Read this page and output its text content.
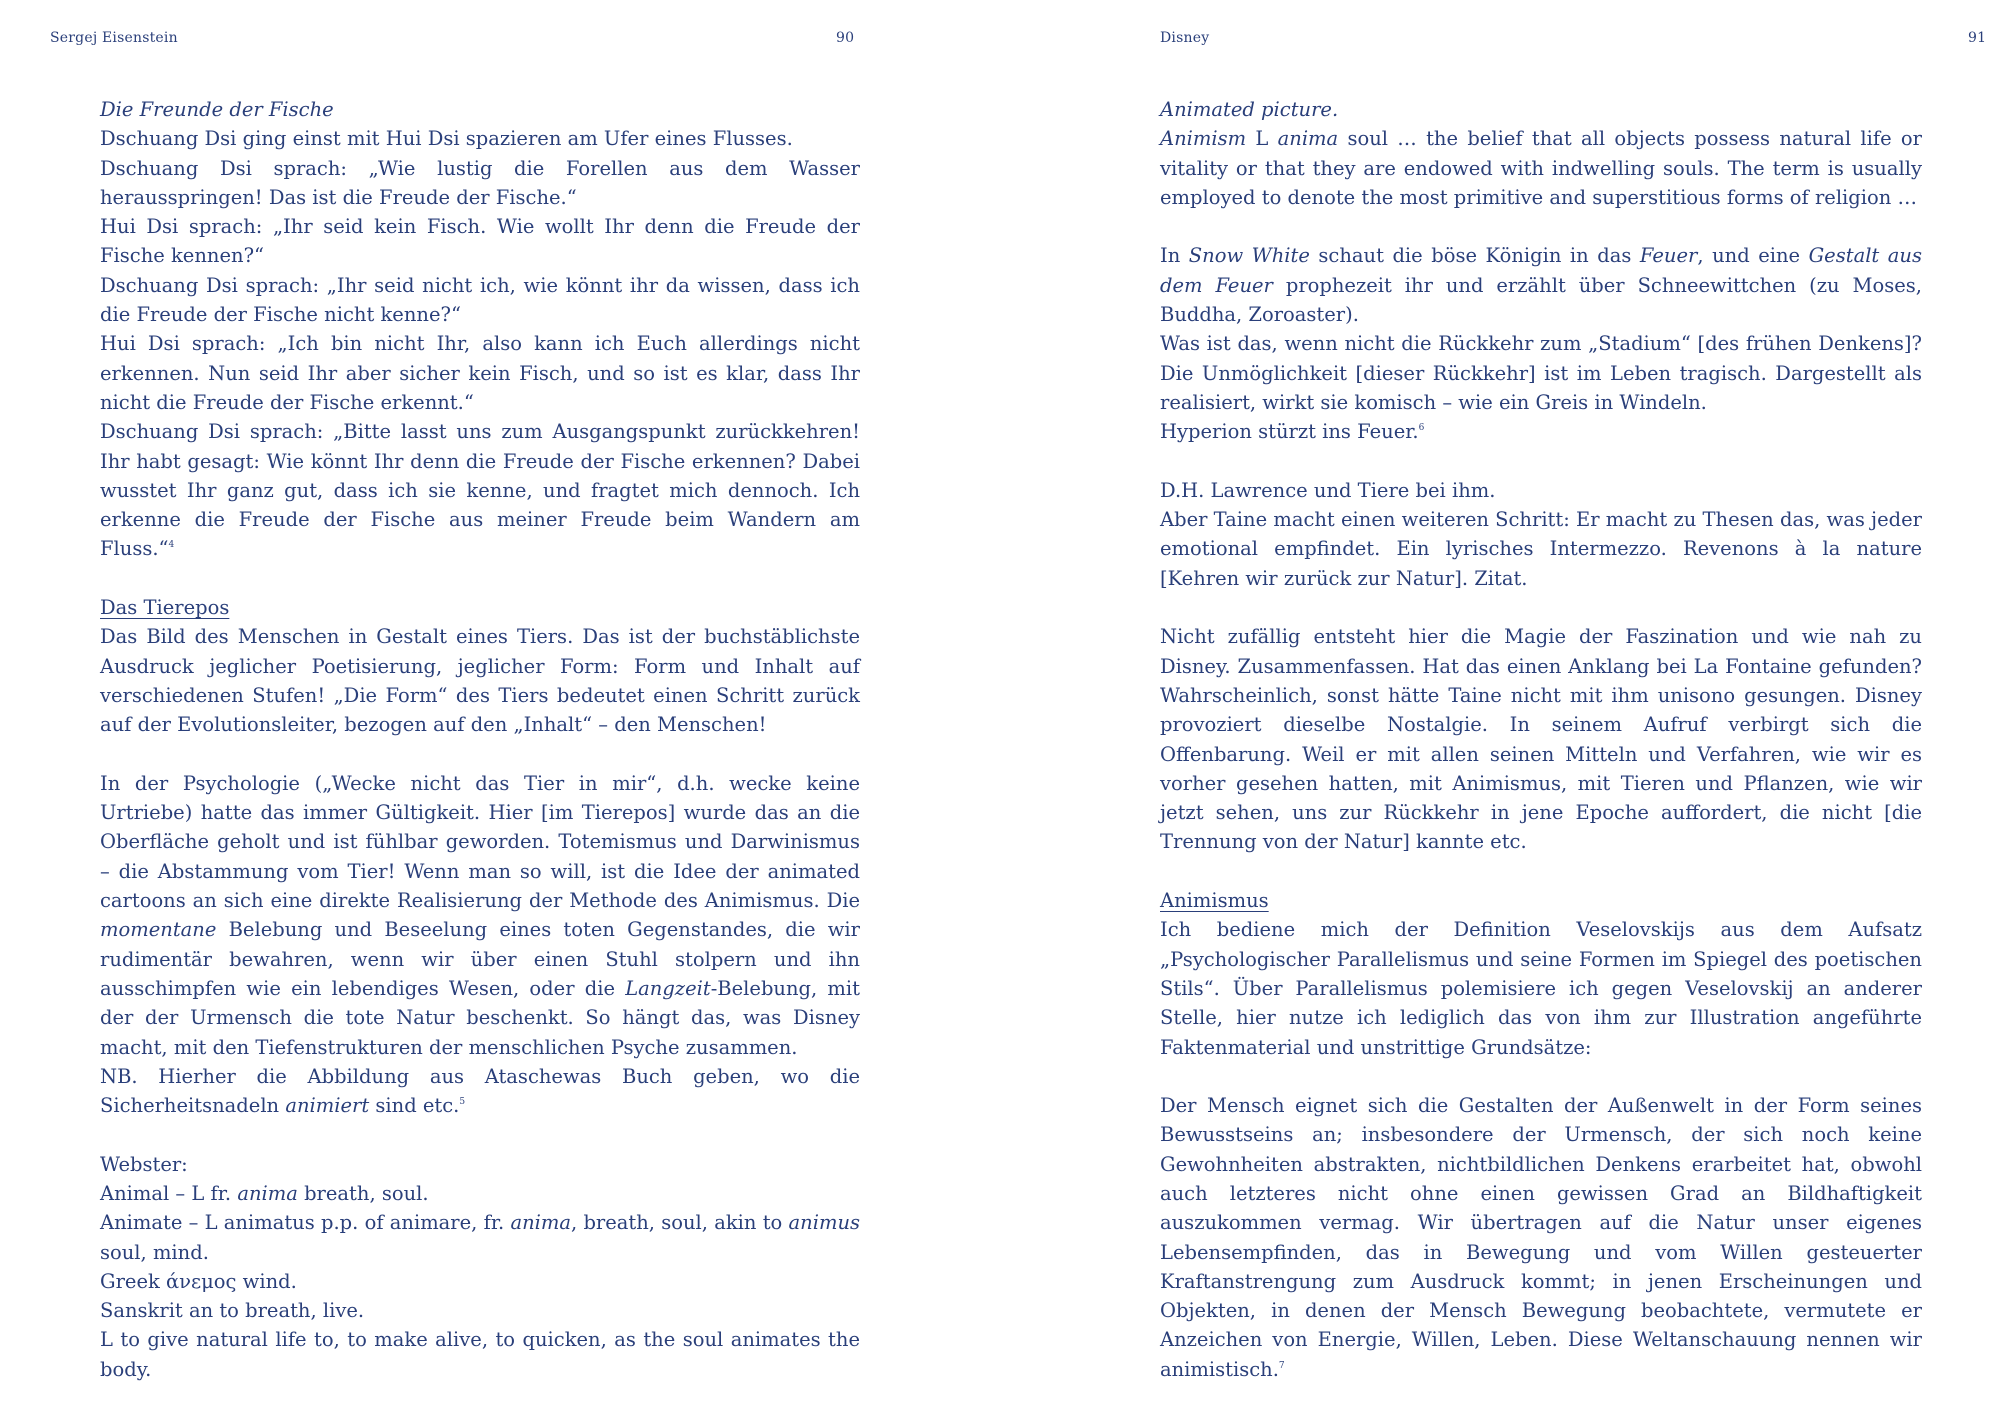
Sergej Eisenstein	90
Die Freunde der Fische
Dschuang Dsi ging einst mit Hui Dsi spazieren am Ufer eines Flusses.
Dschuang Dsi sprach: „Wie lustig die Forellen aus dem Wasser herausspringen! Das ist die Freude der Fische.“
Hui Dsi sprach: „Ihr seid kein Fisch. Wie wollt Ihr denn die Freude der Fische kennen?“
Dschuang Dsi sprach: „Ihr seid nicht ich, wie könnt ihr da wissen, dass ich die Freude der Fische nicht kenne?“
Hui Dsi sprach: „Ich bin nicht Ihr, also kann ich Euch allerdings nicht erkennen. Nun seid Ihr aber sicher kein Fisch, und so ist es klar, dass Ihr nicht die Freude der Fische erkennt.“
Dschuang Dsi sprach: „Bitte lasst uns zum Ausgangspunkt zurückkehren! Ihr habt gesagt: Wie könnt Ihr denn die Freude der Fische erkennen? Dabei wusstet Ihr ganz gut, dass ich sie kenne, und fragtet mich dennoch. Ich erkenne die Freude der Fische aus meiner Freude beim Wandern am Fluss.“$^4$
Das Tierepos
Das Bild des Menschen in Gestalt eines Tiers. Das ist der buchstäblichste Ausdruck jeglicher Poetisierung, jeglicher Form: Form und Inhalt auf verschiedenen Stufen! „Die Form“ des Tiers bedeutet einen Schritt zurück auf der Evolutionsleiter, bezogen auf den „Inhalt“ – den Menschen!
In der Psychologie („Wecke nicht das Tier in mir“, d.h. wecke keine Urtriebe) hatte das immer Gültigkeit. Hier [im Tierepos] wurde das an die Oberfläche geholt und ist fühlbar geworden. Totemismus und Darwinismus – die Abstammung vom Tier! Wenn man so will, ist die Idee der animated cartoons an sich eine direkte Realisierung der Methode des Animismus. Die momentane Belebung und Beseelung eines toten Gegenstandes, die wir rudimentär bewahren, wenn wir über einen Stuhl stolpern und ihn ausschimpfen wie ein lebendiges Wesen, oder die Langzeit-Belebung, mit der der Urmensch die tote Natur beschenkt. So hängt das, was Disney macht, mit den Tiefenstrukturen der menschlichen Psyche zusammen.
NB. Hierher die Abbildung aus Ataschewas Buch geben, wo die Sicherheitsnadeln animiert sind etc.$^5$
Webster:
Animal – L fr. anima breath, soul.
Animate – L animatus p.p. of animare, fr. anima, breath, soul, akin to animus soul, mind.
Greek άνεμος wind.
Sanskrit an to breath, live.
L to give natural life to, to make alive, to quicken, as the soul animates the body.
Disney	91
Animated picture.
Animism L anima soul … the belief that all objects possess natural life or vitality or that they are endowed with indwelling souls. The term is usually employed to denote the most primitive and superstitious forms of religion …
In Snow White schaut die böse Königin in das Feuer, und eine Gestalt aus dem Feuer prophezeit ihr und erzählt über Schneewittchen (zu Moses, Buddha, Zoroaster).
Was ist das, wenn nicht die Rückkehr zum „Stadium“ [des frühen Denkens]? Die Unmöglichkeit [dieser Rückkehr] ist im Leben tragisch. Dargestellt als realisiert, wirkt sie komisch – wie ein Greis in Windeln.
Hyperion stürzt ins Feuer.$^6$
D.H. Lawrence und Tiere bei ihm.
Aber Taine macht einen weiteren Schritt: Er macht zu Thesen das, was jeder emotional empfindet. Ein lyrisches Intermezzo. Revenons à la nature [Kehren wir zurück zur Natur]. Zitat.
Nicht zufällig entsteht hier die Magie der Faszination und wie nah zu Disney. Zusammenfassen. Hat das einen Anklang bei La Fontaine gefunden? Wahrscheinlich, sonst hätte Taine nicht mit ihm unisono gesungen. Disney provoziert dieselbe Nostalgie. In seinem Aufruf verbirgt sich die Offenbarung. Weil er mit allen seinen Mitteln und Verfahren, wie wir es vorher gesehen hatten, mit Animismus, mit Tieren und Pflanzen, wie wir jetzt sehen, uns zur Rückkehr in jene Epoche auffordert, die nicht [die Trennung von der Natur] kannte etc.
Animismus
Ich bediene mich der Definition Veselovskijs aus dem Aufsatz „Psychologischer Parallelismus und seine Formen im Spiegel des poetischen Stils“. Über Parallelismus polemisiere ich gegen Veselovskij an anderer Stelle, hier nutze ich lediglich das von ihm zur Illustration angeführte Faktenmaterial und unstrittige Grundsätze:
Der Mensch eignet sich die Gestalten der Außenwelt in der Form seines Bewusstseins an; insbesondere der Urmensch, der sich noch keine Gewohnheiten abstrakten, nichtbildlichen Denkens erarbeitet hat, obwohl auch letzteres nicht ohne einen gewissen Grad an Bildhaftigkeit auszukommen vermag. Wir übertragen auf die Natur unser eigenes Lebensempfinden, das in Bewegung und vom Willen gesteuerter Kraftanstrengung zum Ausdruck kommt; in jenen Erscheinungen und Objekten, in denen der Mensch Bewegung beobachtete, vermutete er Anzeichen von Energie, Willen, Leben. Diese Weltanschauung nennen wir animistisch.$^7$
